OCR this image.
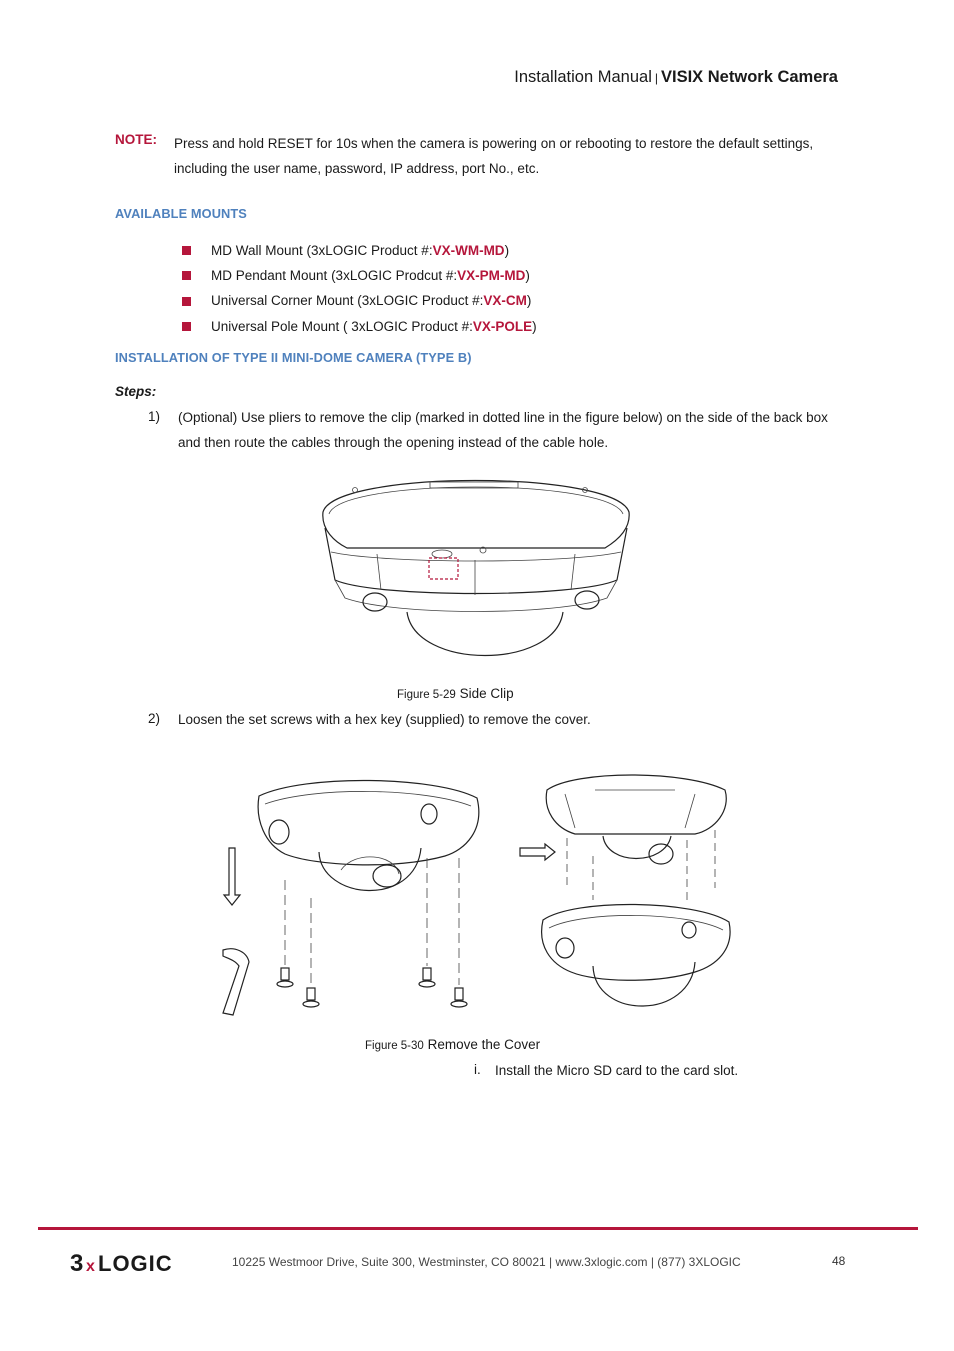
Installation Manual | VISIX Network Camera
NOTE: Press and hold RESET for 10s when the camera is powering on or rebooting to restore the default settings, including the user name, password, IP address, port No., etc.
AVAILABLE MOUNTS
MD Wall Mount (3xLOGIC Product #: VX-WM-MD )
MD Pendant Mount (3xLOGIC Prodcut #: VX-PM-MD )
Universal Corner Mount (3xLOGIC Product #: VX-CM )
Universal Pole Mount ( 3xLOGIC Product #: VX-POLE )
INSTALLATION OF TYPE II MINI-DOME CAMERA (TYPE B)
Steps:
1) (Optional) Use pliers to remove the clip (marked in dotted line in the figure below) on the side of the back box and then route the cables through the opening instead of the cable hole.
Figure 5-29 Side Clip
2) Loosen the set screws with a hex key (supplied) to remove the cover.
Figure 5-30 Remove the Cover
i. Install the Micro SD card to the card slot.
3 x LOGIC	10225 Westmoor Drive, Suite 300, Westminster, CO 80021 | www.3xlogic.com | (877) 3XLOGIC	48
